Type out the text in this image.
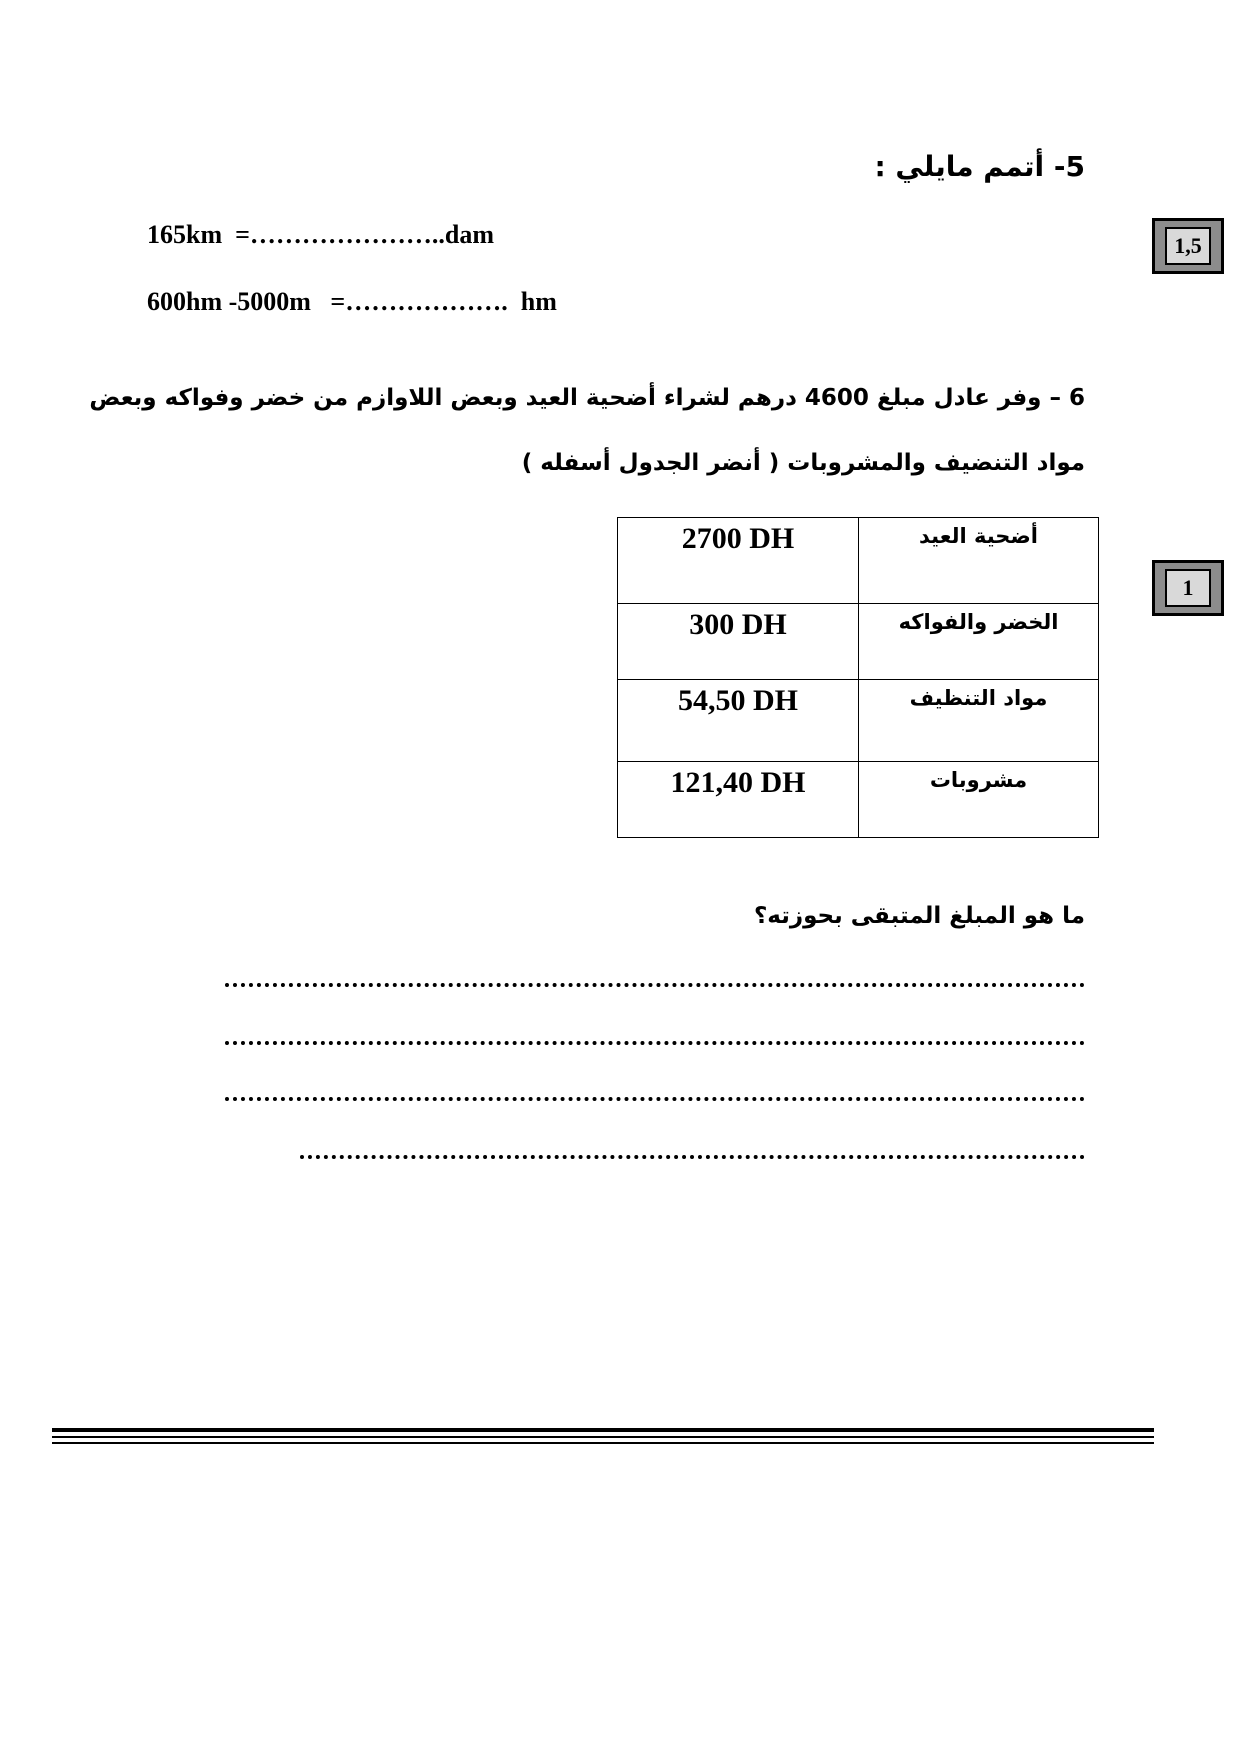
5- أتمم مايلي :
165km  =…………………..dam
600hm -5000m   =……………….  hm
1,5
6 – وفر عادل مبلغ 4600 درهم لشراء أضحية العيد وبعض اللاوازم من خضر وفواكه وبعض
مواد التنضيف والمشروبات ( أنضر الجدول أسفله )
1
2700 DH	أضحية العيد
300 DH	الخضر والفواكه
54,50 DH	مواد التنظيف
121,40 DH	مشروبات
ما هو المبلغ المتبقى بحوزته؟
